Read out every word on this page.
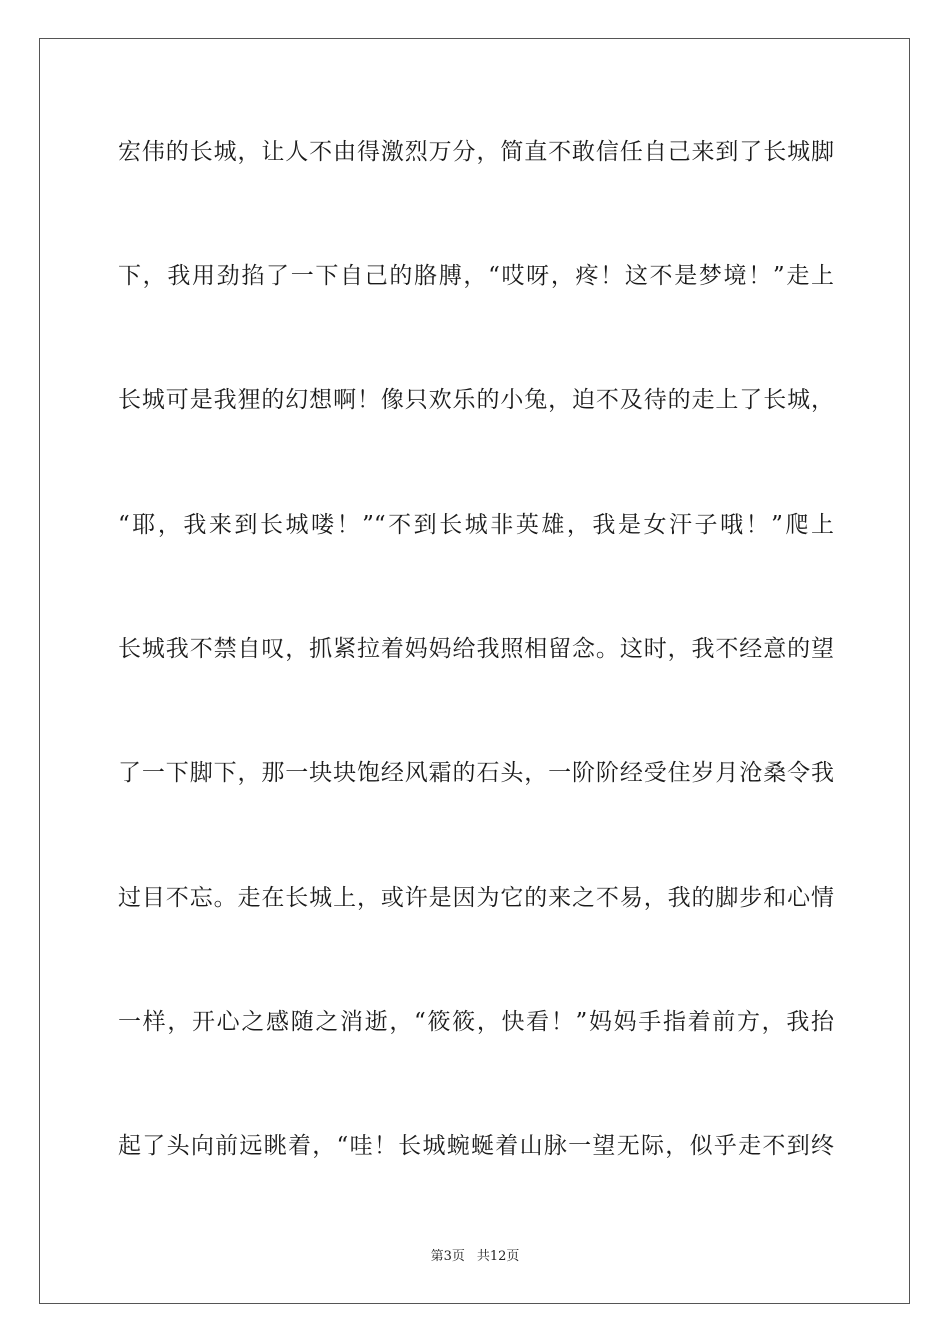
宏伟的长城，让人不由得激烈万分，简直不敢信任自己来到了长城脚
下，我用劲掐了一下自己的胳膊，“哎呀，疼！这不是梦境！”走上
长城可是我狸的幻想啊！像只欢乐的小兔，迫不及待的走上了长城，
“耶，我来到长城喽！”“不到长城非英雄，我是女汗子哦！”爬上
长城我不禁自叹，抓紧拉着妈妈给我照相留念。这时，我不经意的望
了一下脚下，那一块块饱经风霜的石头，一阶阶经受住岁月沧桑令我
过目不忘。走在长城上，或许是因为它的来之不易，我的脚步和心情
一样，开心之感随之消逝，“筱筱，快看！”妈妈手指着前方，我抬
起了头向前远眺着，“哇！长城蜿蜒着山脉一望无际，似乎走不到终
第3页 共12页
